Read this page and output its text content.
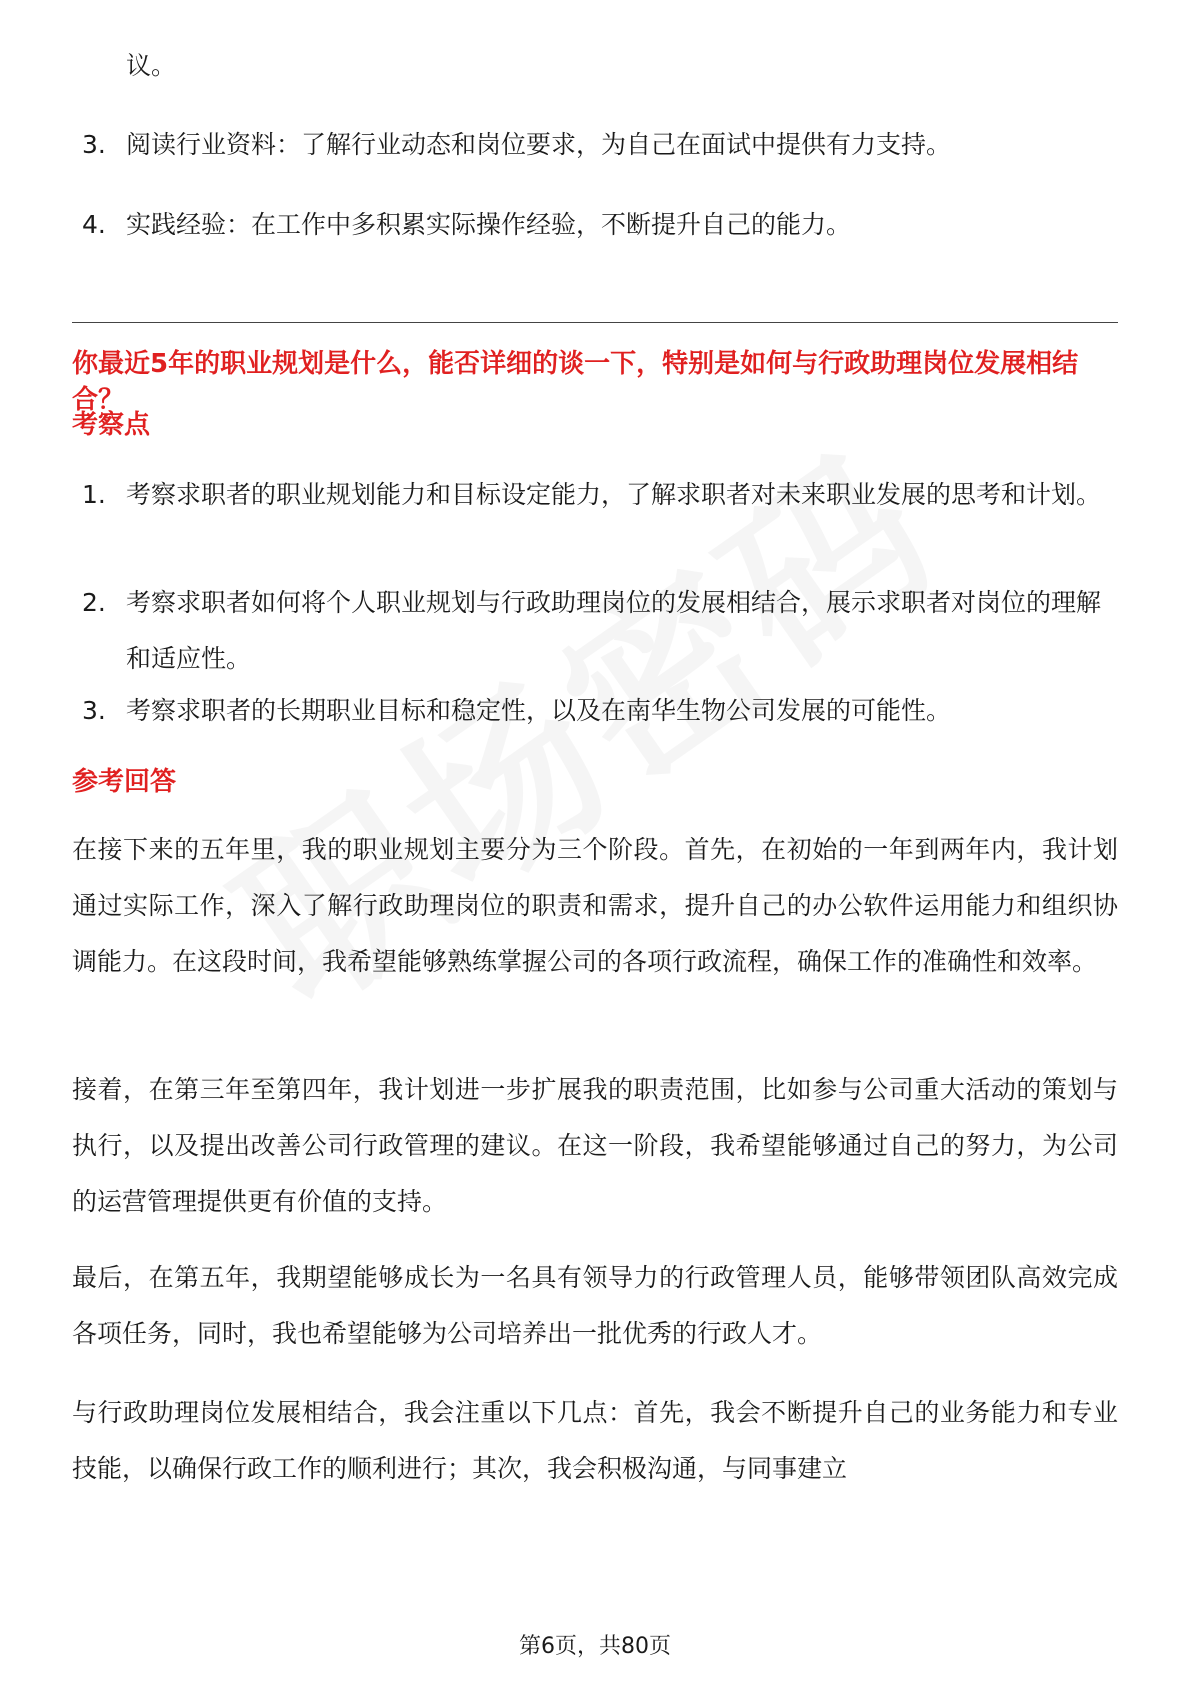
议。
3. 阅读行业资料：了解行业动态和岗位要求，为自己在面试中提供有力支持。
4. 实践经验：在工作中多积累实际操作经验，不断提升自己的能力。
你最近5年的职业规划是什么，能否详细的谈一下，特别是如何与行政助理岗位发展相结合？
考察点
1. 考察求职者的职业规划能力和目标设定能力，了解求职者对未来职业发展的思考和计划。
2. 考察求职者如何将个人职业规划与行政助理岗位的发展相结合，展示求职者对岗位的理解和适应性。
3. 考察求职者的长期职业目标和稳定性，以及在南华生物公司发展的可能性。
参考回答
在接下来的五年里，我的职业规划主要分为三个阶段。首先，在初始的一年到两年内，我计划通过实际工作，深入了解行政助理岗位的职责和需求，提升自己的办公软件运用能力和组织协调能力。在这段时间，我希望能够熟练掌握公司的各项行政流程，确保工作的准确性和效率。
接着，在第三年至第四年，我计划进一步扩展我的职责范围，比如参与公司重大活动的策划与执行，以及提出改善公司行政管理的建议。在这一阶段，我希望能够通过自己的努力，为公司的运营管理提供更有价值的支持。
最后，在第五年，我期望能够成长为一名具有领导力的行政管理人员，能够带领团队高效完成各项任务，同时，我也希望能够为公司培养出一批优秀的行政人才。
与行政助理岗位发展相结合，我会注重以下几点：首先，我会不断提升自己的业务能力和专业技能，以确保行政工作的顺利进行；其次，我会积极沟通，与同事建立
第6页，共80页
